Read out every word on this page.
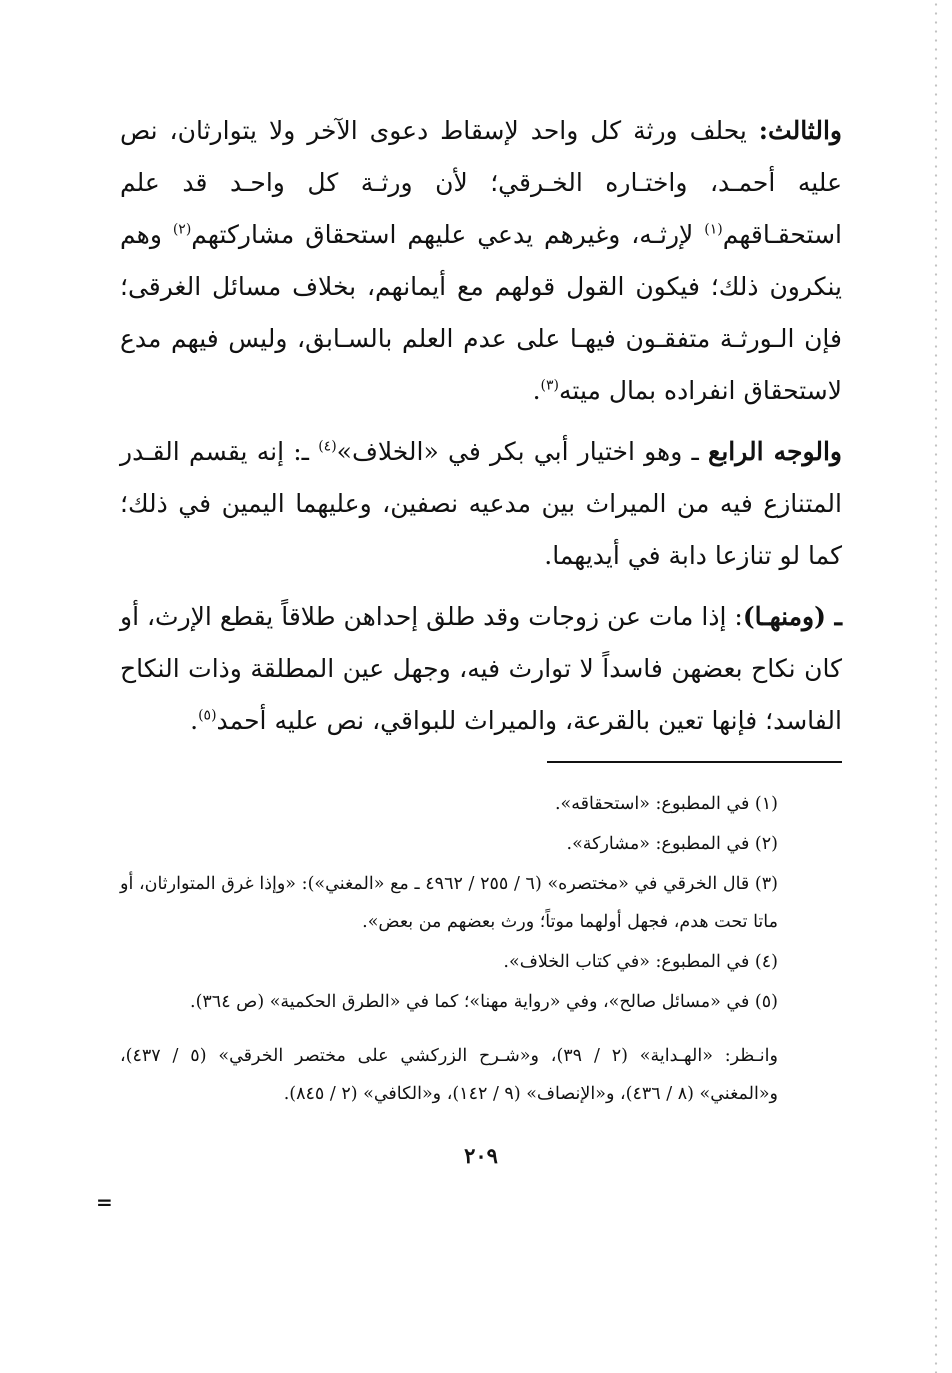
والثالث: يحلف ورثة كل واحد لإسقاط دعوى الآخر ولا يتوارثان، نص عليه أحمـد، واختـاره الخـرقي؛ لأن ورثـة كل واحـد قد علم استحقـاقهم$^{(١)}$ لإرثـه، وغيرهم يدعي عليهم استحقاق مشاركتهم$^{(٢)}$ وهم ينكرون ذلك؛ فيكون القول قولهم مع أيمانهم، بخلاف مسائل الغرقى؛ فإن الـورثـة متفقـون فيهـا على عدم العلم بالسـابق، وليس فيهم مدع لاستحقاق انفراده بمال ميته$^{(٣)}$.

والوجه الرابع ـ وهو اختيار أبي بكر في «الخلاف»$^{(٤)}$ ـ: إنه يقسم القـدر المتنازع فيه من الميراث بين مدعيه نصفين، وعليهما اليمين في ذلك؛ كما لو تنازعا دابة في أيديهما.

ـ (ومنهـا): إذا مات عن زوجات وقد طلق إحداهن طلاقاً يقطع الإرث، أو كان نكاح بعضهن فاسداً لا توارث فيه، وجهل عين المطلقة وذات النكاح الفاسد؛ فإنها تعين بالقرعة، والميراث للبواقي، نص عليه أحمد$^{(٥)}$.

(١) في المطبوع: «استحقاقه».

(٢) في المطبوع: «مشاركة».

(٣) قال الخرقي في «مختصره» (٦ / ٢٥٥ / ٤٩٦٢ ـ مع «المغني»): «وإذا غرق المتوارثان، أو ماتا تحت هدم، فجهل أولهما موتاً؛ ورث بعضهم من بعض».

(٤) في المطبوع: «في كتاب الخلاف».

(٥) في «مسائل صالح»، وفي «رواية مهنا»؛ كما في «الطرق الحكمية» (ص ٣٦٤).

وانـظر: «الهـداية» (٢ / ٣٩)، و«شـرح الزركشي على مختصر الخرقي» (٥ / ٤٣٧)، و«المغني» (٨ / ٤٣٦)، و«الإنصاف» (٩ / ١٤٢)، و«الكافي» (٢ / ٨٤٥).

٢٠٩
=
